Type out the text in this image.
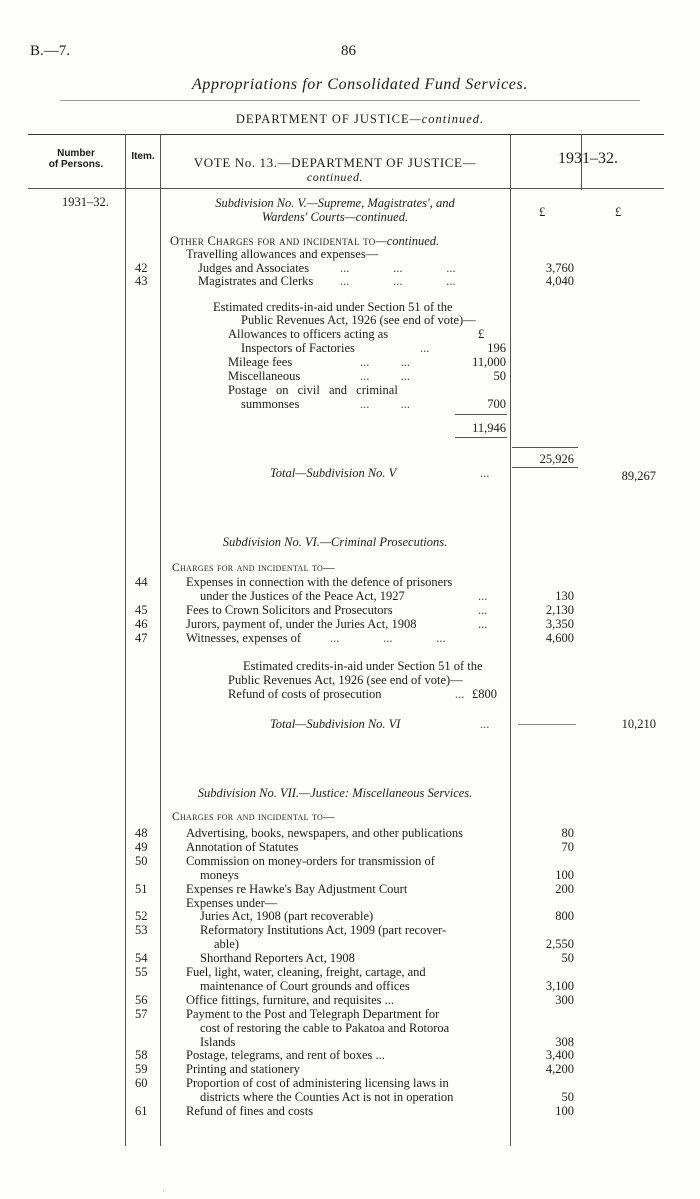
B.—7.	86
Appropriations for Consolidated Fund Services.
DEPARTMENT OF JUSTICE—continued.
Number
of Persons.
Item.	VOTE No. 13.—DEPARTMENT OF JUSTICE—
continued.
1931–32.
1931–32.
£	£
Subdivision No. V.—Supreme, Magistrates', and
Wardens' Courts—continued.
Other Charges for and incidental to—continued.
Travelling allowances and expenses—
42	Judges and Associates ...              ...              ...	3,760
43	Magistrates and Clerks ...              ...              ...	4,040
Estimated credits-in-aid under Section 51 of the
Public Revenues Act, 1926 (see end of vote)—
Allowances to officers acting as	£
Inspectors of Factories	...	196
Mileage fees	...          ...	11,000
Miscellaneous	...          ...	50
Postage on civil and criminal
summonses	...          ...	700
11,946
25,926
Total—Subdivision No. V	...	89,267
Subdivision No. VI.—Criminal Prosecutions.
Charges for and incidental to—
44	Expenses in connection with the defence of prisoners
under the Justices of the Peace Act, 1927	...	130
45	Fees to Crown Solicitors and Prosecutors	...	2,130
46	Jurors, payment of, under the Juries Act, 1908	...	3,350
47	Witnesses, expenses of ...              ...              ...	4,600
Estimated credits-in-aid under Section 51 of the
Public Revenues Act, 1926 (see end of vote)—
Refund of costs of prosecution	... £800
Total—Subdivision No. VI	...	10,210
Subdivision No. VII.—Justice: Miscellaneous Services.
Charges for and incidental to—
48	Advertising, books, newspapers, and other publications	80
49	Annotation of Statutes	70
50	Commission on money-orders for transmission of
moneys	100
51	Expenses re Hawke's Bay Adjustment Court	200
Expenses under—
52	Juries Act, 1908 (part recoverable)	800
53	Reformatory Institutions Act, 1909 (part recover-
able)	2,550
54	Shorthand Reporters Act, 1908	50
55	Fuel, light, water, cleaning, freight, cartage, and
maintenance of Court grounds and offices	3,100
56	Office fittings, furniture, and requisites ...	300
57	Payment to the Post and Telegraph Department for
cost of restoring the cable to Pakatoa and Rotoroa
Islands	308
58	Postage, telegrams, and rent of boxes ...	3,400
59	Printing and stationery	4,200
60	Proportion of cost of administering licensing laws in
districts where the Counties Act is not in operation	50
61	Refund of fines and costs	100
·
